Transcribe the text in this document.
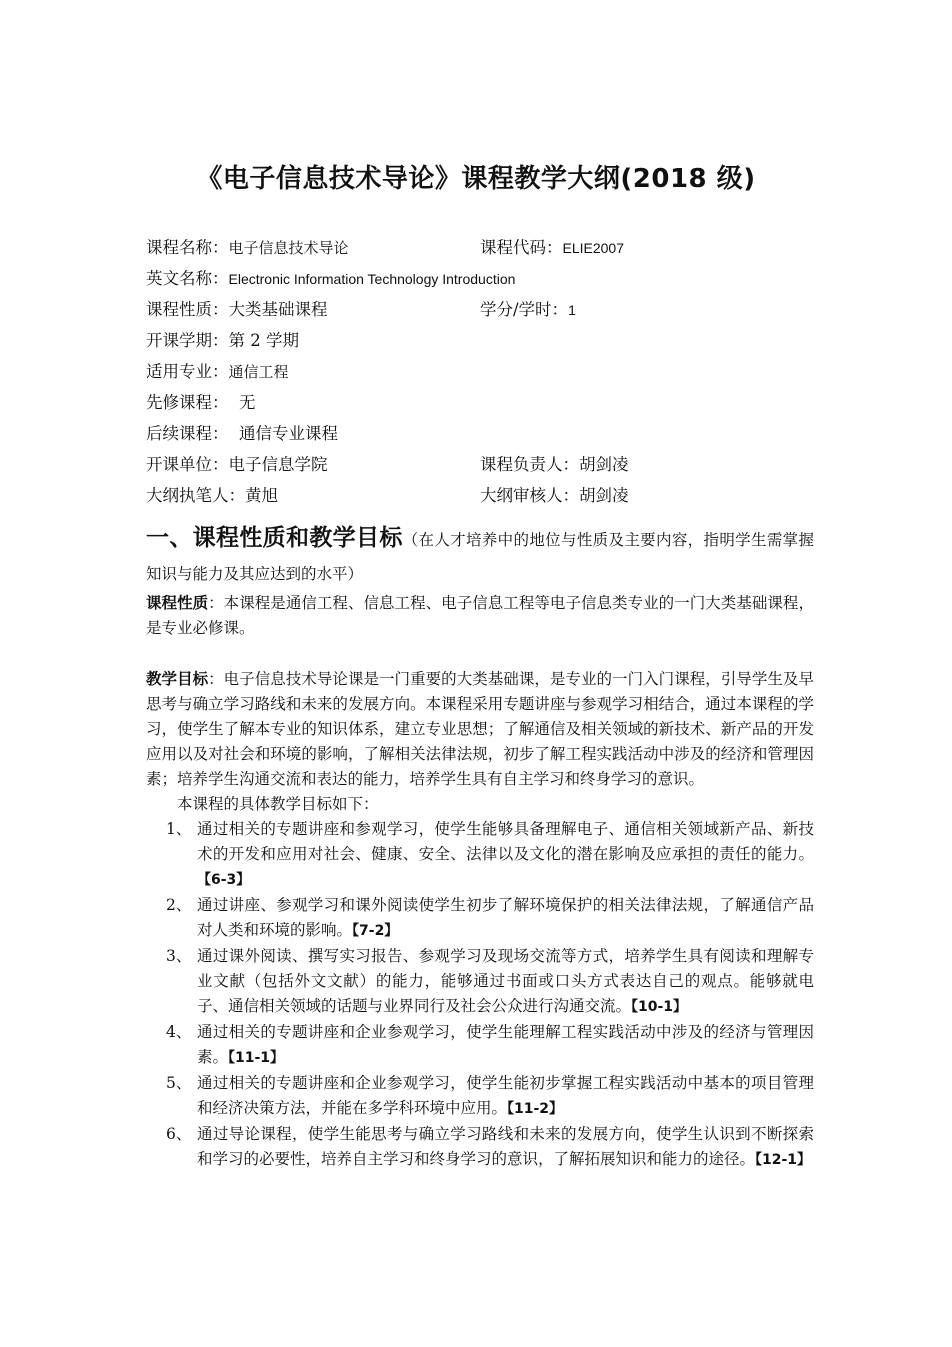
《电子信息技术导论》课程教学大纲(2018 级)
课程名称：电子信息技术导论	课程代码：ELIE2007
英文名称：Electronic Information Technology Introduction
课程性质：大类基础课程	学分/学时：1
开课学期：第 2 学期
适用专业：通信工程
先修课程： 无
后续课程： 通信专业课程
开课单位：电子信息学院	课程负责人：胡剑凌
大纲执笔人：黄旭	大纲审核人：胡剑凌

一、课程性质和教学目标（在人才培养中的地位与性质及主要内容，指明学生需掌握知识与能力及其应达到的水平）

课程性质：本课程是通信工程、信息工程、电子信息工程等电子信息类专业的一门大类基础课程，是专业必修课。

教学目标：电子信息技术导论课是一门重要的大类基础课，是专业的一门入门课程，引导学生及早思考与确立学习路线和未来的发展方向。本课程采用专题讲座与参观学习相结合，通过本课程的学习，使学生了解本专业的知识体系，建立专业思想；了解通信及相关领域的新技术、新产品的开发应用以及对社会和环境的影响，了解相关法律法规，初步了解工程实践活动中涉及的经济和管理因素；培养学生沟通交流和表达的能力，培养学生具有自主学习和终身学习的意识。

本课程的具体教学目标如下：

1、 通过相关的专题讲座和参观学习，使学生能够具备理解电子、通信相关领域新产品、新技术的开发和应用对社会、健康、安全、法律以及文化的潜在影响及应承担的责任的能力。【6-3】
2、 通过讲座、参观学习和课外阅读使学生初步了解环境保护的相关法律法规，了解通信产品对人类和环境的影响。【7-2】
3、 通过课外阅读、撰写实习报告、参观学习及现场交流等方式，培养学生具有阅读和理解专业文献（包括外文文献）的能力，能够通过书面或口头方式表达自己的观点。能够就电子、通信相关领域的话题与业界同行及社会公众进行沟通交流。【10-1】
4、 通过相关的专题讲座和企业参观学习，使学生能理解工程实践活动中涉及的经济与管理因素。【11-1】
5、 通过相关的专题讲座和企业参观学习，使学生能初步掌握工程实践活动中基本的项目管理和经济决策方法，并能在多学科环境中应用。【11-2】
6、 通过导论课程，使学生能思考与确立学习路线和未来的发展方向，使学生认识到不断探索和学习的必要性，培养自主学习和终身学习的意识，了解拓展知识和能力的途径。【12-1】
